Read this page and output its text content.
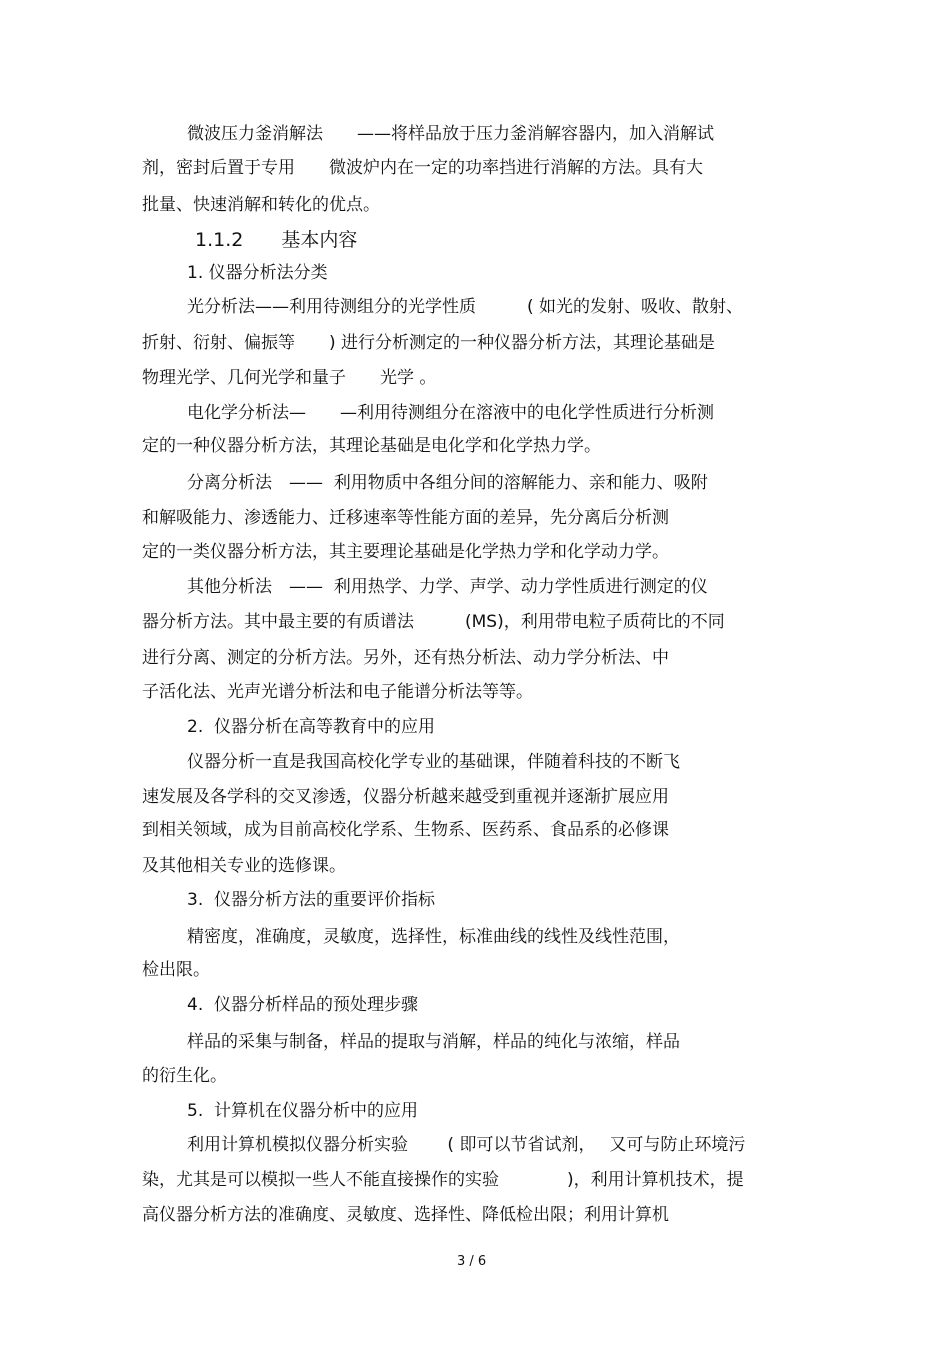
微波压力釜消解法　　——将样品放于压力釜消解容器内，加入消解试
剂，密封后置于专用　　微波炉内在一定的功率挡进行消解的方法。具有大
批量、快速消解和转化的优点。
1.1.2　　基本内容
1. 仪器分析法分类
光分析法——利用待测组分的光学性质　　　( 如光的发射、吸收、散射、
折射、衍射、偏振等　　) 进行分析测定的一种仪器分析方法，其理论基础是
物理光学、几何光学和量子　　光学 。
电化学分析法—　　—利用待测组分在溶液中的电化学性质进行分析测
定的一种仪器分析方法，其理论基础是电化学和化学热力学。
分离分析法　——  利用物质中各组分间的溶解能力、亲和能力、吸附
和解吸能力、渗透能力、迁移速率等性能方面的差异，先分离后分析测
定的一类仪器分析方法，其主要理论基础是化学热力学和化学动力学。
其他分析法　——  利用热学、力学、声学、动力学性质进行测定的仪
器分析方法。其中最主要的有质谱法　　　(MS)，利用带电粒子质荷比的不同
进行分离、测定的分析方法。另外，还有热分析法、动力学分析法、中
子活化法、光声光谱分析法和电子能谱分析法等等。
2.  仪器分析在高等教育中的应用
仪器分析一直是我国高校化学专业的基础课，伴随着科技的不断飞
速发展及各学科的交叉渗透，仪器分析越来越受到重视并逐渐扩展应用
到相关领域，成为目前高校化学系、生物系、医药系、食品系的必修课
及其他相关专业的选修课。
3.  仪器分析方法的重要评价指标
精密度，准确度，灵敏度，选择性，标准曲线的线性及线性范围，
检出限。
4.  仪器分析样品的预处理步骤
样品的采集与制备，样品的提取与消解，样品的纯化与浓缩，样品
的衍生化。
5.  计算机在仪器分析中的应用
利用计算机模拟仪器分析实验　　 ( 即可以节省试剂，　 又可与防止环境污
染，尤其是可以模拟一些人不能直接操作的实验　　　　)，利用计算机技术，提
高仪器分析方法的准确度、灵敏度、选择性、降低检出限；利用计算机
3 / 6
